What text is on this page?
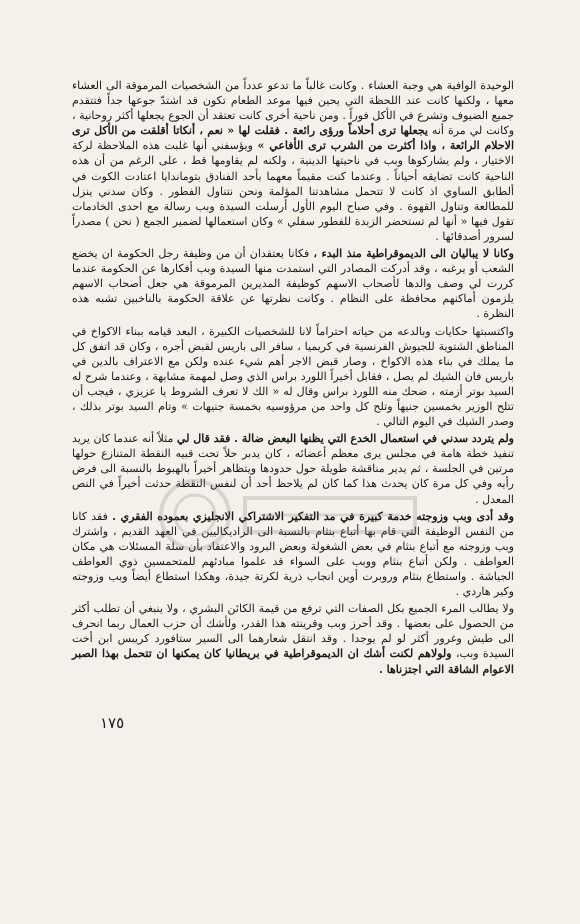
الوحيدة الوافية هي وجبة العشاء . وكانت غالباً ما تدعو عدداً من الشخصيات المرموقة الى العشاء معها ، ولكنها كانت عند اللحظة التي يحين فيها موعد الطعام تكون قد اشتدّ جوعها جداً فتتقدم جميع الضيوف وتشرع في الأكل فوراً . ومن ناحية أخرى كانت تعتقد أن الجوع يجعلها أكثر روحانية ، وكانت لي مرة أنه يجعلها ترى أحلاماً ورؤى رائعة . فقلت لها « نعم ، أنكاتا أقلقت من الأكل ترى الاحلام الرائعة ، واذا أكثرت من الشرب ترى الأفاعي » ويؤسفني أنها غلبت هذه الملاحظة لركة الاختيار ، ولم يشاركوها وبب في ناحيتها الدينية ، ولكنه لم يقاومها قط ، على الرغم من أن هذه الناحية كانت تضايقه أحياناً . وعندما كنت مقيماً معهما بأحد الفنادق بتوماندايا اعتادت الكوت في ألطابق الساوي اذ كانت لا تتحمل مشاهدتنا المؤلمة ونحن نتناول الفطور . وكان سدني ينزل للمطالعة وتناول القهوة . وفي صباح اليوم الأول أرسلت السيدة وبب رسالة مع احدى الخادمات تقول فيها « أنها لم تستحضر الزبدة للفطور سفلي » وكان استعمالها لضمير الجمع ( نحن ) مصدراً لسرور أصدقائها .

وكانا لا يباليان الى الديموقراطية منذ البدء ، فكانا يعتقدان أن من وظيفة رجل الحكومة ان يخضع الشعب أو يرغبه ، وقد أدركت المصادر التي استمدت منها السيدة وبب أفكارها عن الحكومة عندما كررت لي وصف والدها لأصحاب الاسهم كوظيفة المديرين المرموقة هي جعل أصحاب الاسهم يلزمون أماكنهم محافظة على النظام . وكانت نظرتها عن علاقة الحكومة بالناخبين تشبه هذه النظرة .

واكتسبتها حكايات وبالدعه من حياته احتراماً لانا للشخصيات الكبيرة ، البعد قيامه ببناء الاكواخ في المناطق الشتوية للجيوش الفرنسية في كريميا ، سافر الى باريس لقبض أجره ، وكان قد اتفق كل ما يملك في بناء هذه الاكواخ ، وصار قبض الاجر أهم شيء عنده ولكن مع الاعتراف بالدين في باريس فان الشيك لم يصل ، فقابل أخيراً اللورد براس الذي وصل لمهمة مشابهة ، وعندما شرح له السيد بوتر أزمته ، ضحك منه اللورد براس وقال له « الك لا تعرف الشروط يا عزيزي ، فيجب أن تتلح الوزير بخمسين جنيهاً وتلح كل واحد من مرؤوسيه بخمسة جنيهات » وتام السيد بوتر بذلك ، وصدر الشيك في اليوم التالي .

ولم يتردد سدني في استعمال الخدع التي يظنها البعض ضالة . فقد قال لي مثلاً أنه عندما كان يريد تنفيذ خطة هامة في مجلس يرى معظم أعضائه ، كان يدبر حلاً تحت قبيه النقطة المتنازع حولها مرتين في الجلسة ، ثم يدير مناقشة طويلة حول حدودها ويتظاهر أخيراً بالهبوط بالنسبة الى فرض رأيه وفي كل مرة كان يحدث هذا كما كان لم يلاحظ أحد أن لنفس النقطة حدثت أخيراً في النص المعدل .

وقد أدى وبب وزوجته خدمة كبيرة في مد التفكير الاشتراكي الانجليزي بعموده الفقري . فقد كانا من النفس الوظيفة التي قام بها أتباع بنثام بالنسبة الى الراديكاليين في العهد القديم ، واشترك وبب وزوجته مع أتباع بنثام في بعض الشغولة وبعض البرود والاعتقاد بأن سلة المسئلات هي مكان العواطف . ولكن أتباع بنثام ووبب على السواء قد علموا مبادئهم للمتحمسين ذوي العواطف الجياشة . واستطاع بنثام وروبرت أوين انجاب ذرية لكرتة جيدة، وهكذا استطاع أيضاً وبب وزوجته وكير هاردي .

ولا يطالب المرء الجميع بكل الصفات التي ترفع من قيمة الكائن البشري ، ولا ينبغي أن تطلب أكثر من الحصول على بعضها . وقد أحرز وبب وقرينته هذا القدر، ولأشك أن حزب العمال ربما انحرف الى طيش وغرور أكثر لو لم يوجدا . وقد انتقل شعارهما الى السير ستافورد كريبس ابن أخت السيدة وبب، ولولاهم لكنت أشك ان الديموقراطية في بريطانيا كان يمكنها ان تتحمل بهذا الصبر الاعوام الشاقة التي اجتزناها .

١٧٥
